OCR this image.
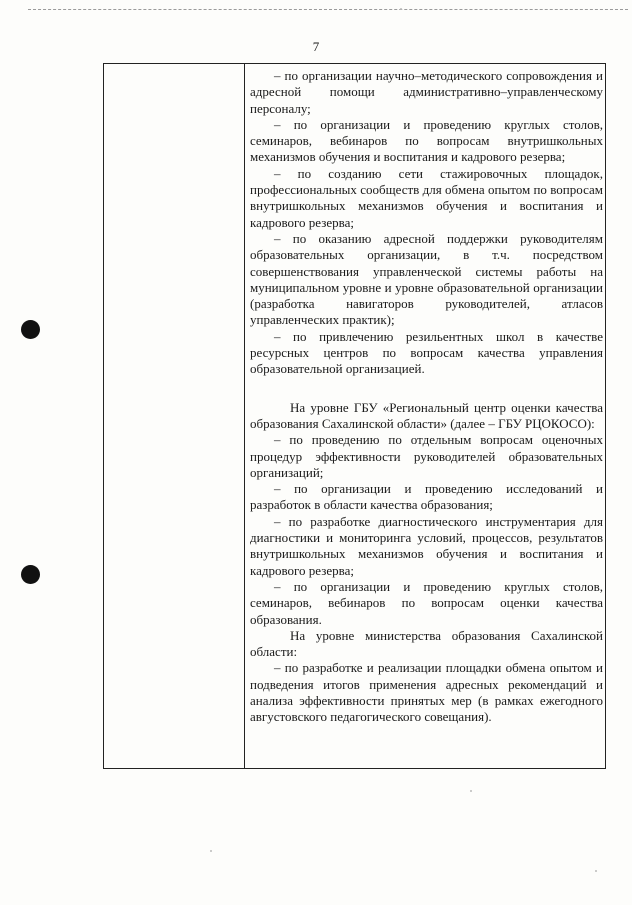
7

– по организации научно–методического сопровождения и адресной помощи административно–управленческому персоналу;

– по организации и проведению круглых столов, семинаров, вебинаров по вопросам внутришкольных механизмов обучения и воспитания и кадрового резерва;

– по созданию сети стажировочных площадок, профессиональных сообществ для обмена опытом по вопросам внутришкольных механизмов обучения и воспитания и кадрового резерва;

– по оказанию адресной поддержки руководителям образовательных организации, в т.ч. посредством совершенствования управленческой системы работы на муниципальном уровне и уровне образовательной организации (разработка навигаторов руководителей, атласов управленческих практик);

– по привлечению резильентных школ в качестве ресурсных центров по вопросам качества управления образовательной организацией.

На уровне ГБУ «Региональный центр оценки качества образования Сахалинской области» (далее – ГБУ РЦОКОСО):

– по проведению по отдельным вопросам оценочных процедур эффективности руководителей образовательных организаций;

– по организации и проведению исследований и разработок в области качества образования;

– по разработке диагностического инструментария для диагностики и мониторинга условий, процессов, результатов внутришкольных механизмов обучения и воспитания и кадрового резерва;

– по организации и проведению круглых столов, семинаров, вебинаров по вопросам оценки качества образования.

На уровне министерства образования Сахалинской области:

– по разработке и реализации площадки обмена опытом и подведения итогов применения адресных рекомендаций и анализа эффективности принятых мер (в рамках ежегодного августовского педагогического совещания).
